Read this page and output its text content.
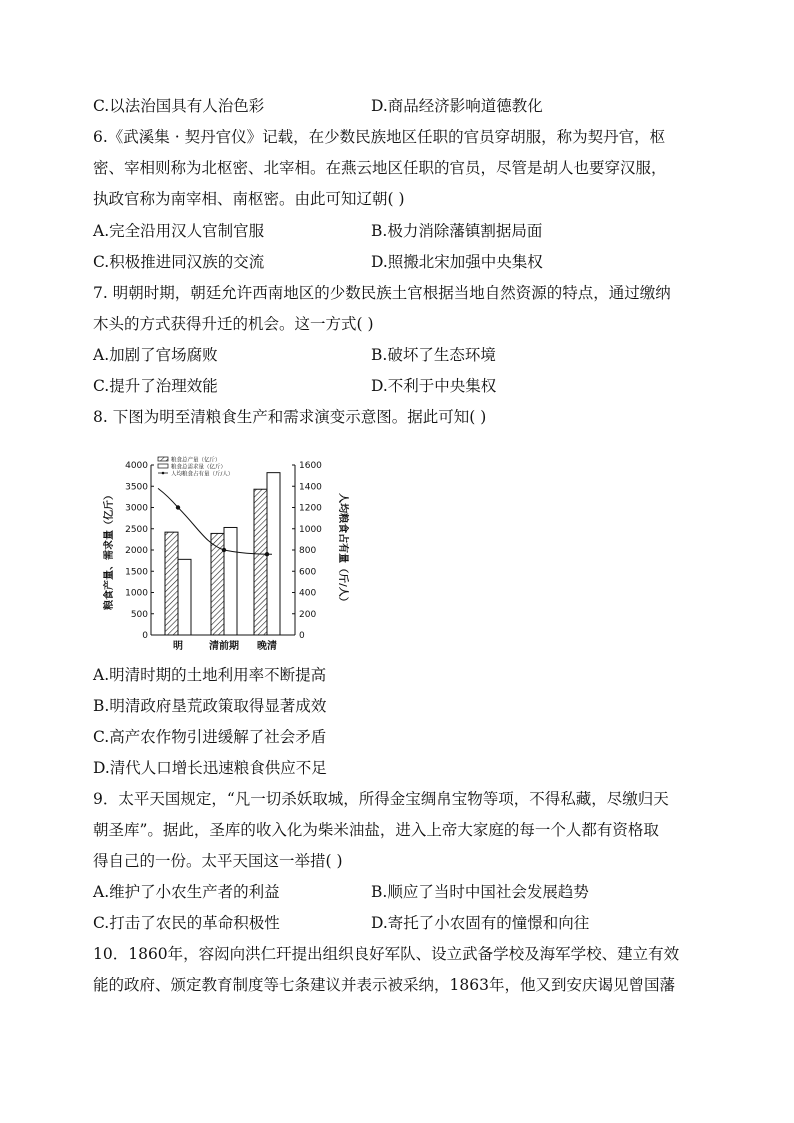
C.以法治国具有人治色彩	D.商品经济影响道德教化
6.《武溪集 · 契丹官仪》记载，在少数民族地区任职的官员穿胡服，称为契丹官，枢
密、宰相则称为北枢密、北宰相。在燕云地区任职的官员，尽管是胡人也要穿汉服，
执政官称为南宰相、南枢密。由此可知辽朝( )
A.完全沿用汉人官制官服	B.极力消除藩镇割据局面
C.积极推进同汉族的交流	D.照搬北宋加强中央集权
7. 明朝时期，朝廷允许西南地区的少数民族土官根据当地自然资源的特点，通过缴纳
木头的方式获得升迁的机会。这一方式( )
A.加剧了官场腐败	B.破坏了生态环境
C.提升了治理效能	D.不利于中央集权
8. 下图为明至清粮食生产和需求演变示意图。据此可知( )
粮食总产量（亿斤）
粮食总需求量（亿斤）
人均粮食占有量（斤/人）
0
500
1000
1500
2000
2500
3000
3500
4000
0
200
400
600
800
1000
1200
1400
1600
粮食产量、需求量（亿斤）	人均粮食占有量（斤/人）
明	清前期 晚清
A.明清时期的土地利用率不断提高
B.明清政府垦荒政策取得显著成效
C.高产农作物引进缓解了社会矛盾
D.清代人口增长迅速粮食供应不足
9．太平天国规定，“凡一切杀妖取城，所得金宝绸帛宝物等项，不得私藏，尽缴归天
朝圣库”。据此，圣库的收入化为柴米油盐，进入上帝大家庭的每一个人都有资格取
得自己的一份。太平天国这一举措( )
A.维护了小农生产者的利益	B.顺应了当时中国社会发展趋势
C.打击了农民的革命积极性	D.寄托了小农固有的憧憬和向往
10．1860年，容闳向洪仁玕提出组织良好军队、设立武备学校及海军学校、建立有效
能的政府、颁定教育制度等七条建议并表示被采纳，1863年，他又到安庆谒见曾国藩
